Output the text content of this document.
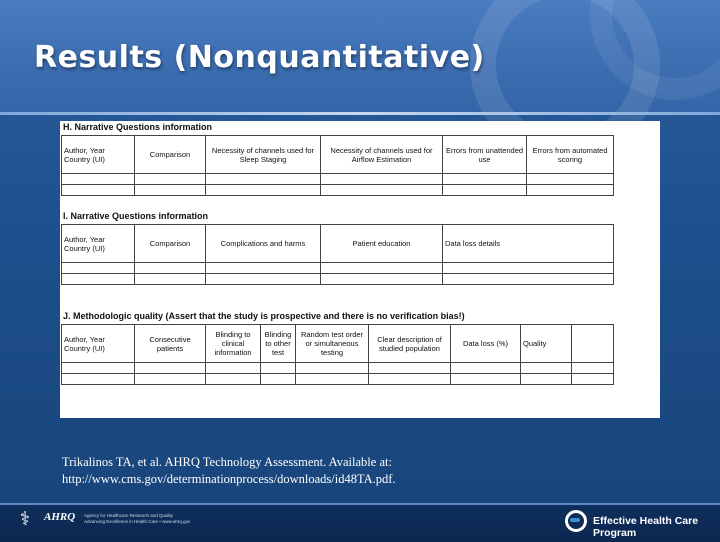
Results (Nonquantitative)
H. Narrative Questions information
Author, Year Country (UI)	Comparison	Necessity of channels used for Sleep Staging	Necessity of channels used for Airflow Estimation	Errors from unattended use	Errors from automated scoring

I. Narrative Questions information
Author, Year Country (UI)	Comparison	Complications and harms	Patient education	Data loss details

J. Methodologic quality (Assert that the study is prospective and there is no verification bias!)
Author, Year Country (UI)	Consecutive patients	Blinding to clinical information	Blinding to other test	Random test order or simultaneous testing	Clear description of studied population	Data loss (%)	Quality	

Trikalinos TA, et al. AHRQ Technology Assessment. Available at:
http://www.cms.gov/determinationprocess/downloads/id48TA.pdf.
⚕	AHRQ Agency for Healthcare Research and Quality Advancing Excellence in Health Care • www.ahrq.gov	Effective Health Care Program
